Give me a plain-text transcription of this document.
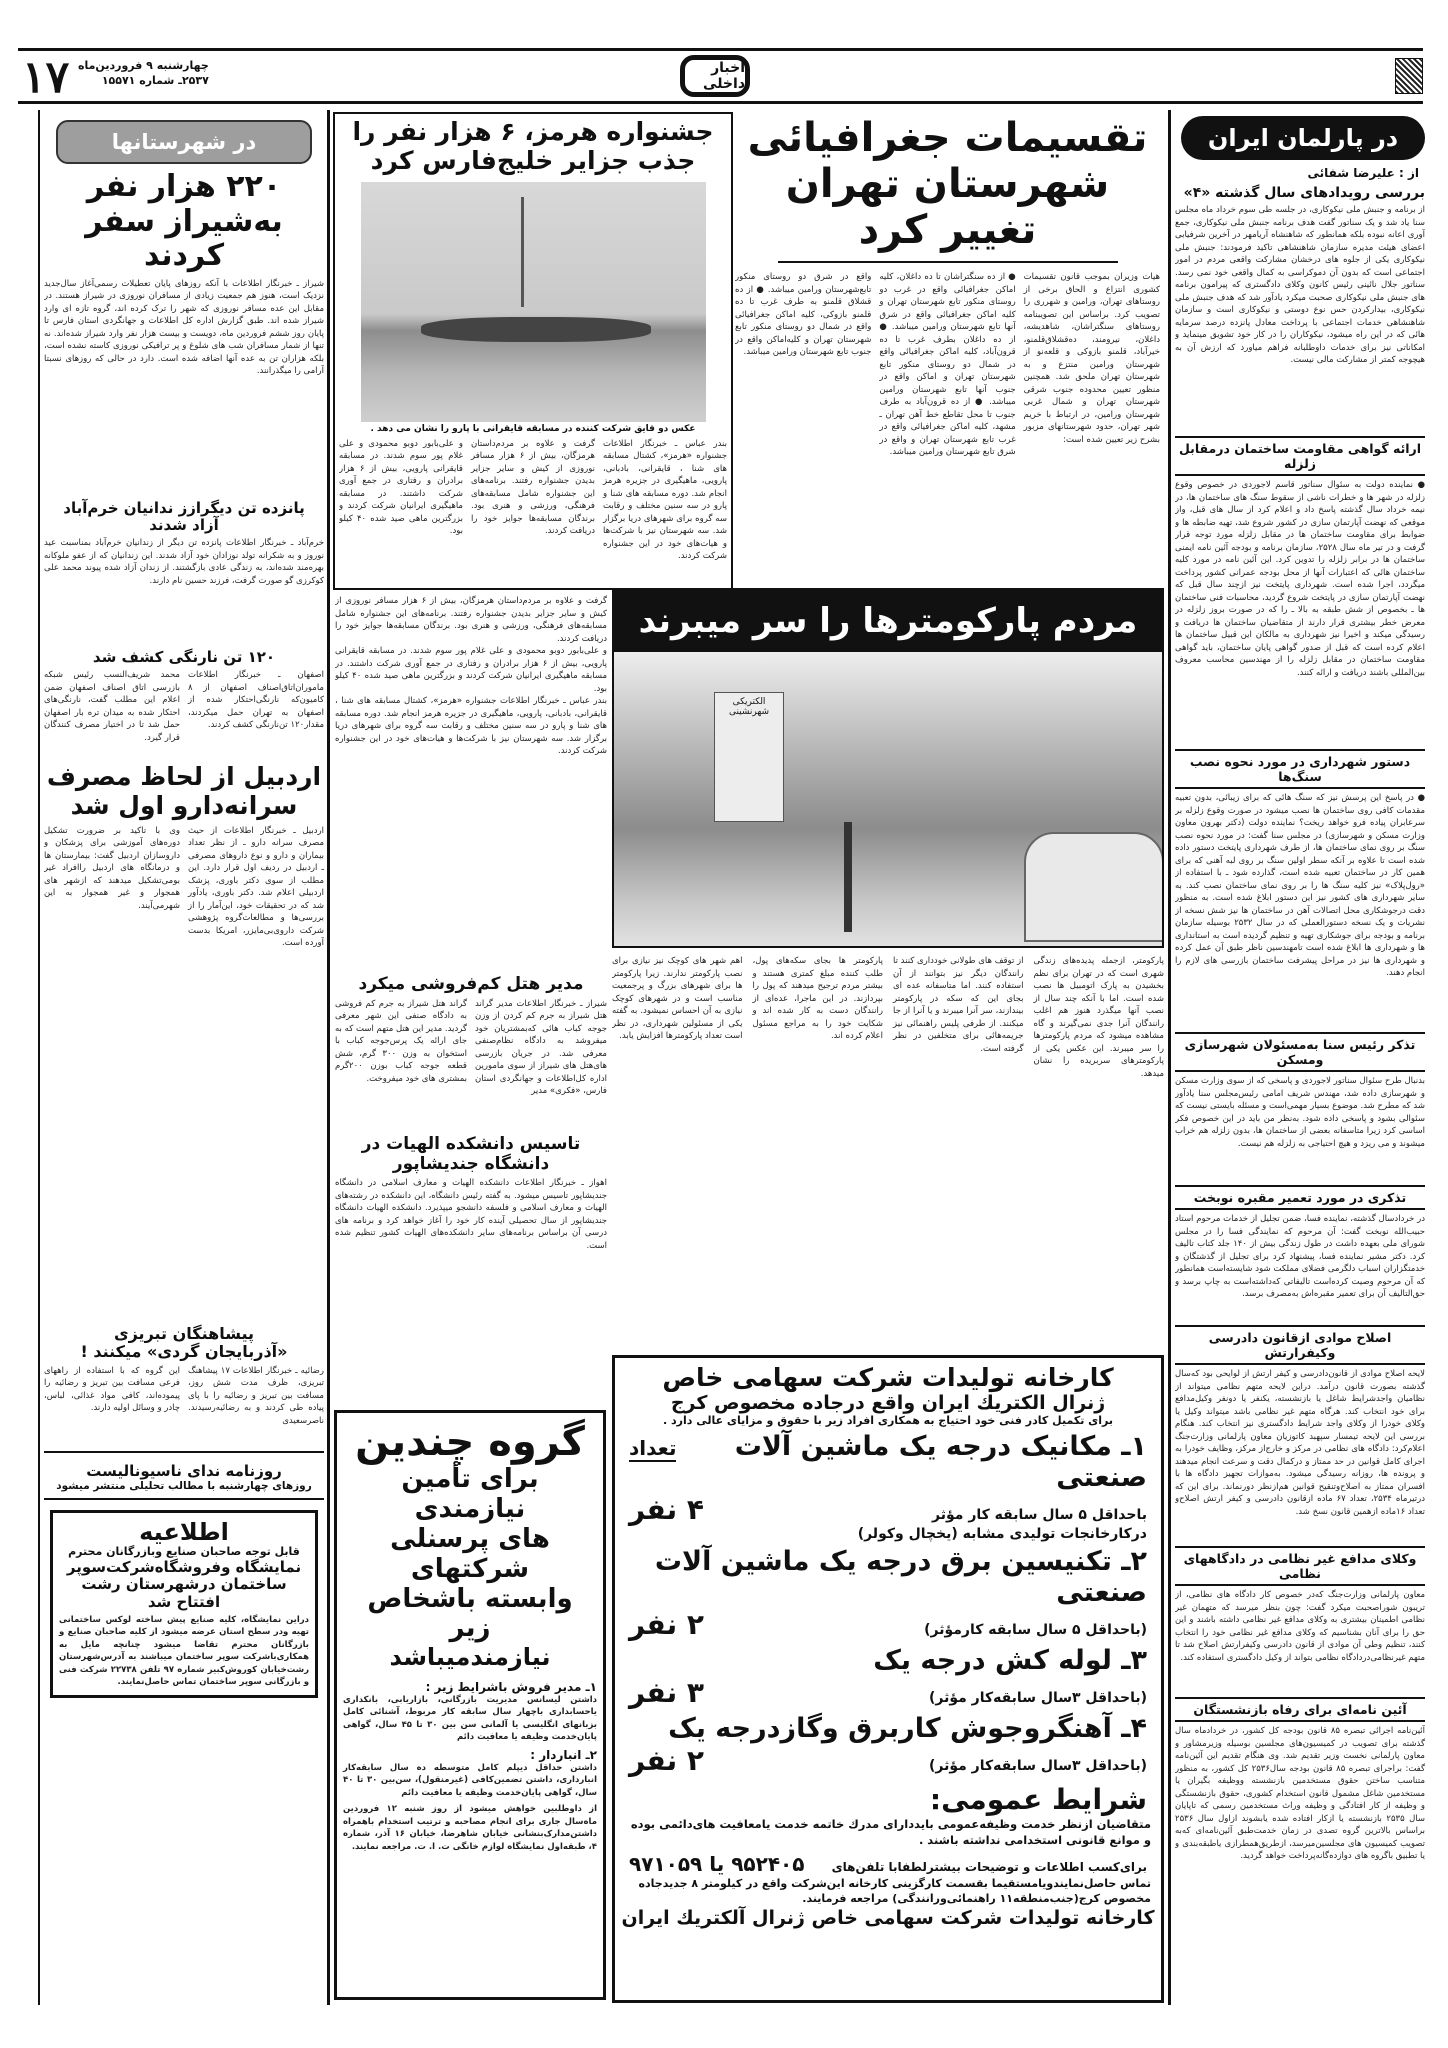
۱۷ چهارشنبه ۹ فروردین‌ماه
۲۵۳۷ـ شماره ۱۵۵۷۱
اخبار داخلی
در پارلمان ایران
از : علیرضا شفائی
بررسی رویدادهای سال گذشته «۴»
از برنامه و جنبش ملی نیکوکاری، در جلسه طی سوم خرداد ماه مجلس سنا یاد شد و یک سناتور گفت هدف برنامه جنبش ملی نیکوکاری، جمع آوری اعانه نبوده بلکه همانطور که شاهنشاه آریامهر در آخرین شرفیابی اعضای هیئت مدیره سازمان شاهنشاهی تاکید فرمودند: جنبش ملی نیکوکاری یکی از جلوه های درخشان مشارکت واقعی مردم در امور اجتماعی است که بدون آن دموکراسی به کمال واقعی خود نمی رسد. سناتور جلال نائینی رئیس کانون وکلای دادگستری که پیرامون برنامه های جنبش ملی نیکوکاری صحبت میکرد یادآور شد که هدف جنبش ملی نیکوکاری، بیدارکردن حس نوع دوستی و نیکوکاری است و سازمان شاهنشاهی خدمات اجتماعی با پرداخت معادل پانزده درصد سرمایه هائی که در این راه میشود، نیکوکاران را در کار خود تشویق مینماید و امکاناتی نیز برای خدمات داوطلبانه فراهم میاورد که ارزش آن به هیچوجه کمتر از مشارکت مالی نیست.
ارائه گواهی مقاومت ساختمان درمقابل زلزله
● نماینده دولت به سئوال سناتور قاسم لاجوردی در خصوص وقوع زلزله در شهر ها و خطرات ناشی از سقوط سنگ های ساختمان ها، در نیمه خرداد سال گذشته پاسخ داد و اعلام کرد از سال های قبل، واز موقعی که نهضت آپارتمان سازی در کشور شروع شد، تهیه ضابطه ها و ضوابط برای مقاومت ساختمان ها در مقابل زلزله مورد توجه قرار گرفت و در تیر ماه سال ۲۵۲۸، سازمان برنامه و بودجه آئین نامه ایمنی ساختمان ها در برابر زلزله را تدوین کرد. این آئین نامه در مورد کلیه ساختمان هائی که اعتبارات آنها از محل بودجه عمرانی کشور پرداخت میگردد، اجرا شده است. شهرداری پایتخت نیز ازچند سال قبل که نهضت آپارتمان سازی در پایتخت شروع گردید، محاسبات فنی ساختمان ها ـ بخصوص از شش طبقه به بالا ـ را که در صورت بروز زلزله در معرض خطر بیشتری قرار دارند از متقاضیان ساختمان ها دریافت و رسیدگی میکند و اخیرا نیز شهرداری به مالکان این قبیل ساختمان ها اعلام کرده است که قبل از صدور گواهی پایان ساختمان، باید گواهی مقاومت ساختمان در مقابل زلزله را از مهندسین محاسب معروف بین‌المللی باشند دریافت و ارائه کنند.
دستور شهرداری در مورد نحوه نصب سنگ‌ها
● در پاسخ این پرسش نیز که سنگ هائی که برای زیبائی، بدون تعبیه مقدمات کافی روی ساختمان ها نصب میشود در صورت وقوع زلزله بر سرعابران پیاده فرو خواهد ریخت؟ نماینده دولت (دکتر بهرون معاون وزارت مسکن و شهرسازی) در مجلس سنا گفت: در مورد نحوه نصب سنگ بر روی نمای ساختمان ها، از طرف شهرداری پایتخت دستور داده شده است تا علاوه بر آنکه سطر اولین سنگ بر روی لبه آهنی که برای همین کار در ساختمان تعبیه شده است، گذارده شود ـ با استفاده از «رول‌پلاک» نیز کلیه سنگ ها را بر روی نمای ساختمان نصب کند. به سایر شهرداری های کشور نیز این دستور ابلاغ شده است. به منظور دقت درجوشکاری محل اتصالات آهن در ساختمان ها نیز شش نسخه از نشریات و یک نسخه دستورالعملی که در سال ۲۵۳۲ بوسیله سازمان برنامه و بودجه برای جوشکاری تهیه و تنظیم گردیده است به استانداری ها و شهرداری ها ابلاغ شده است تامهندسین ناظر طبق آن عمل کرده و شهرداری ها نیز در مراحل پیشرفت ساختمان بازرسی های لازم را انجام دهند.
تذکر رئیس سنا به‌مسئولان شهرسازی ومسکن
بدنبال طرح سئوال سناتور لاجوردی و پاسخی که از سوی وزارت مسکن و شهرسازی داده شد، مهندس شریف امامی رئیس‌مجلس سنا یادآور شد که مطرح شد. موضوع بسیار مهمی‌است و مسئله بایستی نیست که سئوالی بشود و پاسخی داده شود. به‌نظر من باید در این خصوص فکر اساسی کرد زیرا متاسفانه بعضی از ساختمان ها، بدون زلزله هم خراب میشوند و می ریزد و هیچ احتیاجی به زلزله هم نیست.
تذکری در مورد تعمیر مقبره نوبخت
در خردادسال گذشته، نماینده فسا، ضمن تجلیل از خدمات مرحوم استاد حبیب‌الله نوبخت گفت: آن مرحوم که نمایندگی فسا را در مجلس شورای ملی بعهده داشت در طول زندگی بیش از ۱۴۰ جلد کتاب تالیف کرد. دکتر مشیر نماینده فسا، پیشنهاد کرد برای تجلیل از گذشتگان و خدمتگزاران اسباب دلگرمی فضلای مملکت شود شایسته‌است همانطور که آن مرحوم وصیت کرده‌است تالیفاتی که‌داشته‌است به چاپ برسد و حق‌التالیف آن برای تعمیر مقبره‌اش به‌مصرف برسد.
اصلاح موادی ازقانون دادرسی وکیفرارتش
لایحه اصلاح موادی از قانون‌دادرسی و کیفر ارتش از لوایحی بود که‌سال گذشته بصورت قانون درآمد. دراین لایحه متهم نظامی میتواند از نظامیان واجدشرایط شاغل یا بازنشسته، یکنفر یا دونفر وکیل‌مدافع برای خود انتخاب کند. هرگاه متهم غیر نظامی باشد میتواند وکیل یا وکلای خودرا از وکلای واجد شرایط دادگستری نیز انتخاب کند. هنگام بررسی این لایحه تیمسار سپهبد کاتوزیان معاون پارلمانی وزارت‌جنگ اعلام‌کرد: دادگاه های نظامی در مرکز و خارج‌از مرکز، وظایف خودرا به اجرای کامل قوانین در حد ممتاز و درکمال دقت و سرعت انجام میدهند و پرونده ها، روزانه رسیدگی میشود. به‌موازات تجهیز دادگاه ها با افسران ممتاز به اصلاح‌وتنقیح قوانین هم‌ازنظر دورنماند. برای این که درتیرماه ۲۵۳۴، تعداد ۶۷ ماده ازقانون دادرسی و کیفر ارتش اصلاح‌و تعداد ۱۶ماده ازهمین قانون نسخ شد.
وکلای مدافع غیر نظامی در دادگاههای نظامی
معاون پارلمانی وزارت‌جنگ که‌در خصوص کار دادگاه های نظامی، از تریبون شوراصحبت میکرد گفت: چون بنظر میرسد که متهمان غیر نظامی اطمینان بیشتری به وکلای مدافع غیر نظامی داشته باشند و این حق را برای آنان بشناسیم که وکلای مدافع غیر نظامی خود را انتخاب کنند، تنظیم وطی آن موادی از قانون دادرسی وکیفرارتش اصلاح شد تا متهم غیرنظامی‌دردادگاه نظامی بتواند از وکیل دادگستری استفاده کند.
آئین نامه‌ای برای رفاه بازنشستگان
آئین‌نامه اجرائی تبصره ۸۵ قانون بودجه کل کشور، در خردادماه سال گذشته برای تصویب در کمیسیون‌های مجلسین بوسیله وزیرمشاور و معاون پارلمانی نخست وزیر تقدیم شد. وی هنگام تقدیم این آئین‌نامه گفت: براجرای تبصره ۸۵ قانون بودجه سال۲۵۳۶ کل کشور، به منظور متناسب ساختن حقوق مستخدمین بازنشسته ووظیفه بگیران یا مستخدمین شاغل مشمول قانون استخدام کشوری، حقوق بازنشستگی و وظیفه از کار افتادگی و وظیفه وراث مستخدمین رسمی که تاپایان سال ۲۵۳۵ بازنشسته یا ازکار افتاده شده یابشوند ازاول سال ۲۵۳۶ براساس بالاترین گروه تصدی در زمان خدمت‌طبق آئین‌نامه‌ای که‌به تصویب کمیسیون های مجلسین‌میرسد، ازطریق‌همطرازی یاطبقه‌بندی و یا تطبیق باگروه های دوازده‌گانه‌پرداخت خواهد گردید.
تقسیمات جغرافیائی
شهرستان تهران تغییر کرد
هیات وزیران بموجب قانون تقسیمات کشوری انتزاع و الحاق برخی از روستاهای تهران، ورامین و شهرری را تصویب کرد. براساس این تصویبنامه روستاهای سنگتراشان، شاهدیشه، داغلان، نیرومند، ده‌قشلاق‌قلمنو، خیرآباد، قلمنو بازوکی و قلعه‌نو از شهرستان ورامین منتزع و به شهرستان تهران ملحق شد. همچنین منظور تعیین محدوده جنوب شرقی شهرستان تهران و شمال غربی شهرستان ورامین، در ارتباط با خریم شهر تهران، حدود شهرستانهای مزبور بشرح زیر تعیین شده است:
● از ده سنگتراشان تا ده داغلان، کلیه اماکن جغرافیائی واقع در غرب دو روستای منکور تابع شهرستان تهران و کلیه اماکن جغرافیائی واقع در شرق آنها تابع شهرستان ورامین میباشد. ● از ده داغلان بطرف غرب تا ده قرون‌آباد، کلیه اماکن جغرافیائی واقع در شمال دو روستای منکور تابع شهرستان تهران و اماکن واقع در جنوب آنها تابع شهرستان ورامین میباشد. ● از ده قرون‌آباد به طرف جنوب تا محل تقاطع خط آهن تهران ـ مشهد، کلیه اماکن جغرافیائی واقع در غرب تابع شهرستان تهران و واقع در شرق تابع شهرستان ورامین میباشد.
واقع در شرق دو روستای منکور تابع‌شهرستان ورامین میباشد. ● از ده قشلاق قلمنو به طرف غرب تا ده قلمنو بازوکی، کلیه اماکن جغرافیائی واقع در شمال دو روستای منکور تابع شهرستان تهران و کلیه‌اماکن واقع در جنوب تابع شهرستان ورامین میباشد.
جشنواره هرمز، ۶ هزار نفر را
جذب جزایر خلیج‌فارس کرد
عکس دو قایق شرکت کننده در مسابقه قایقرانی با پارو را نشان می دهد .
بندر عباس ـ خبرنگار اطلاعات جشنواره «هرمز»، کشتال مسابقه های شنا ، قایقرانی، بادبانی، پارویی، ماهیگیری در جزیره هرمز انجام شد. دوره مسابقه های شنا و پارو در سه سنین مختلف و رقابت سه گروه برای شهرهای دریا برگزار شد. سه شهرستان نیز با شرکت‌ها و هیات‌های خود در این جشنواره شرکت کردند.
گرفت و علاوه بر مردم‌داستان هرمزگان، بیش از ۶ هزار مسافر نوروزی از کیش و سایر جزایر بدیدن جشنواره رفتند. برنامه‌های این جشنواره شامل مسابقه‌های فرهنگی، ورزشی و هنری بود. برندگان مسابقه‌ها جوایز خود را دریافت کردند.
و علی‌بابور دوبو محمودی و علی غلام پور سوم شدند. در مسابقه قایقرانی پارویی، بیش از ۶ هزار برادران و رفتاری در جمع آوری شرکت داشتند. در مسابقه ماهیگیری ایرانیان شرکت کردند و بزرگترین ماهی صید شده ۴۰ کیلو بود.
مردم پارکومترها را سر میبرند
الکتریکی
شهرنشینی
پارکومتر، ازجمله پدیده‌های زندگی شهری است که در تهران برای نظم بخشیدن به پارک اتومبیل ها نصب شده است. اما با آنکه چند سال از نصب آنها میگذرد هنوز هم اغلب رانندگان آنرا جدی نمی‌گیرند و گاه مشاهده میشود که مردم پارکومترها را سر میبرند. این عکس یکی از پارکومترهای سربریده را نشان میدهد.
از توقف های طولانی خودداری کنند تا رانندگان دیگر نیز بتوانند از آن استفاده کنند. اما متاسفانه عده ای بجای این که سکه در پارکومتر بیندازند، سر آنرا میبرند و یا آنرا از جا میکنند. از طرفی پلیس راهنمائی نیز جریمه‌هائی برای متخلفین در نظر گرفته است.
پارکومتر ها بجای سکه‌های پول، طلب کننده مبلغ کمتری هستند و بیشتر مردم ترجیح میدهند که پول را بپردازند. در این ماجرا، عده‌ای از رانندگان دست به کار شده اند و شکایت خود را به مراجع مسئول اعلام کرده اند.
اهم شهر های کوچک نیز نیازی برای نصب پارکومتر ندارند. زیرا پارکومتر ها برای شهرهای بزرگ و پرجمعیت مناسب است و در شهرهای کوچک نیازی به آن احساس نمیشود. به گفته یکی از مسئولین شهرداری، در نظر است تعداد پارکومترها افزایش یابد.
گرفت و علاوه بر مردم‌داستان هرمزگان، بیش از ۶ هزار مسافر نوروزی از کیش و سایر جزایر بدیدن جشنواره رفتند. برنامه‌های این جشنواره شامل مسابقه‌های فرهنگی، ورزشی و هنری بود. برندگان مسابقه‌ها جوایز خود را دریافت کردند.
و علی‌بابور دوبو محمودی و علی غلام پور سوم شدند. در مسابقه قایقرانی پارویی، بیش از ۶ هزار برادران و رفتاری در جمع آوری شرکت داشتند. در مسابقه ماهیگیری ایرانیان شرکت کردند و بزرگترین ماهی صید شده ۴۰ کیلو بود.
بندر عباس ـ خبرنگار اطلاعات جشنواره «هرمز»، کشتال مسابقه های شنا ، قایقرانی، بادبانی، پارویی، ماهیگیری در جزیره هرمز انجام شد. دوره مسابقه های شنا و پارو در سه سنین مختلف و رقابت سه گروه برای شهرهای دریا برگزار شد. سه شهرستان نیز با شرکت‌ها و هیات‌های خود در این جشنواره شرکت کردند.
مدیر هتل کم‌فروشی میکرد
شیراز ـ خبرنگار اطلاعات مدیر گراند هتل شیراز به جرم کم کردن از وزن جوجه کباب هائی که‌بمشتریان خود میفروشد به دادگاه نظام‌صنفی معرفی شد. در جریان بازرسی های‌هتل های شیراز از سوی مامورین اداره کل‌اطلاعات و جهانگردی استان فارس، «فکری» مدیر
گراند هتل شیراز به جرم کم فروشی به دادگاه صنفی این شهر معرفی گردید. مدیر این هتل متهم است که به جای ارائه یک پرس‌جوجه کباب با استخوان به وزن ۳۰۰ گرم، شش قطعه جوجه کباب بوزن ۲۰۰گرم بمشتری های خود میفروخت.
تاسیس دانشکده الهیات در
دانشگاه جندیشاپور
اهواز ـ خبرنگار اطلاعات دانشکده الهیات و معارف اسلامی در دانشگاه جندیشاپور تاسیس میشود. به گفته رئیس دانشگاه، این دانشکده در رشته‌های الهیات و معارف اسلامی و فلسفه دانشجو میپذیرد. دانشکده الهیات دانشگاه جندیشاپور از سال تحصیلی آینده کار خود را آغاز خواهد کرد و برنامه های درسی آن براساس برنامه‌های سایر دانشکده‌های الهیات کشور تنظیم شده است.
گروه چندین
برای تأمین نیازمندی
های پرسنلی شرکتهای
وابسته باشخاص زیر
نیازمندمیباشد
۱ـ مدیر فروش باشرایط زیر :
داشتن لیسانس مدیریت بازرگانی، بازاریابی، بانکداری یاحسابداری باچهار سال سابقه کار مربوط، آشنائی کامل بزبانهای انگلیسی یا آلمانی سن بین ۳۰ تا ۴۵ سال، گواهی پایان‌خدمت وظیفه یا معافیت دائم
۲ـ انباردار :
داشتن حداقل دیپلم کامل متوسطه ده سال سابقه‌کار انبارداری، داشتن تضمین‌کافی (غیرمنقول)، سن‌بین ۳۰ تا ۴۰ سال، گواهی پایان‌خدمت وظیفه یا معافیت دائم
از داوطلبین خواهش میشود از روز شنبه ۱۲ فروردین ماه‌سال جاری برای انجام مصاحبه و ترتیب استخدام باهمراه داشتن‌مدارک‌بنشانی خیابان شاهرضا، خیابان ۱۶ آذر، شماره ۴، طبقه‌اول نمایشگاه لوازم خانگی ت. ا. ت. مراجعه نمایند.
کارخانه تولیدات شرکت سهامی خاص
ژنرال الکتریك ایران واقع درجاده مخصوص کرج
برای تکمیل کادر فنی خود احتیاج به همکاری افراد زیر با حقوق و مزایای عالی دارد .
۱ـ مکانیک درجه یک ماشین آلات صنعتی
تعداد
باحداقل ۵ سال سابقه کار مؤثر
۴ نفر
درکارخانجات تولیدی مشابه (یخچال وکولر)
۲ـ تکنیسین برق درجه یک ماشین آلات صنعتی
(باحداقل ۵ سال سابقه کارمؤثر)
۲ نفر
۳ـ لوله کش درجه یک
(باحداقل ۳سال سابقه‌کار مؤثر)
۳ نفر
۴ـ آهنگروجوش کاربرق وگازدرجه یک
(باحداقل ۳سال سابقه‌کار مؤثر)
۲ نفر
شرایط عمومی:
متقاضیان ازنظر خدمت وظیفه‌عمومی بایددارای مدرك خاتمه خدمت یامعافیت های‌دائمی بوده و موانع قانونی استخدامی نداشته باشند .
برای‌کسب اطلاعات و توضیحات بیشترلطفابا تلفن‌های
۹۵۲۴۰۵ یا ۹۷۱۰۵۹
تماس حاصل‌نمایندویامستقیما بقسمت کارگزینی کارخانه این‌شرکت واقع در کیلومتر ۸ جدیدجاده مخصوص کرج(جنب‌منطقه۱۱ راهنمائی‌ورانندگی) مراجعه فرمایند.
کارخانه تولیدات شرکت سهامی خاص ژنرال آلکتریك ایران
در شهرستانها
۲۲۰ هزار نفر
به‌شیراز سفر کردند
شیراز ـ خبرنگار اطلاعات با آنکه روزهای پایان تعطیلات رسمی‌آغاز سال‌جدید نزدیک است، هنوز هم جمعیت زیادی از مسافران نوروزی در شیراز هستند. در مقابل این عده مسافر نوروزی که شهر را ترک کرده اند، گروه تازه ای وارد شیراز شده اند. طبق گزارش اداره کل اطلاعات و جهانگردی استان فارس تا پایان روز ششم فروردین ماه، دویست و بیست هزار نفر وارد شیراز شده‌اند. نه تنها از شمار مسافران شب های شلوغ و پر ترافیکی نوروزی کاسته نشده است، بلکه هزاران تن به عده آنها اضافه شده است. دارد در حالی که روزهای نسبتا آرامی را میگذرانند.
پانزده تن دیگرازز ندانیان خرم‌آباد
آزاد شدند
خرم‌آباد ـ خبرنگار اطلاعات پانزده تن دیگر از زندانیان خرم‌آباد بمناسبت عید نوروز و به شکرانه تولد نوزادان خود آزاد شدند. این زندانیان که از عفو ملوکانه بهره‌مند شده‌اند، به زندگی عادی بازگشتند. از زندان آزاد شده پیوند محمد علی کوکرزی گو صورت گرفت، فرزند حسین نام دارند.
۱۲۰ تن نارنگی کشف شد
اصفهان ـ خبرنگار اطلاعات ماموران‌اتاق‌اصناف اصفهان از ۸ کامیون‌که نارنگی‌احتکار شده از اصفهان به تهران حمل میکردند، مقدار۱۲۰ تن‌نارنگی کشف کردند.
محمد شریف‌النسب رئیس شبکه بازرسی اتاق اصناف اصفهان ضمن اعلام این مطلب گفت، نارنگی‌های احتکار شده به میدان تره بار اصفهان حمل شد تا در اختیار مصرف کنندگان قرار گیرد.
اردبیل از لحاظ مصرف
سرانه‌دارو اول شد
اردبیل ـ خبرنگار اطلاعات از حیث مصرف سرانه دارو ـ از نظر تعداد بیماران و دارو و نوع داروهای مصرفی ـ اردبیل در ردیف اول قرار دارد. این مطلب از سوی دکتر باوری، پزشک اردبیلی اعلام شد. دکتر باوری، یادآور شد که در تحقیقات خود، این‌آمار را از بررسی‌ها و مطالعات‌گروه پژوهشی شرکت داروی‌بی‌مایزر، امریکا بدست آورده است.
وی با تاکید بر ضرورت تشکیل دوره‌های آموزشی برای پزشکان و داروسازان اردبیل گفت: بیمارستان ها و درمانگاه های اردبیل راافراد غیر بومی‌تشکیل میدهند که ازشهر های همجوار و غیر همجوار به این شهرمی‌آیند.
پیشاهنگان تبریزی
«آذربایجان گردی» میکنند !
رضائیه ـ خبرنگار اطلاعات ۱۷ پیشاهنگ تبریزی، ظرف مدت شش روز، مسافت بین تبریز و رضائیه را با پای پیاده طی کردند و به رضائیه‌رسیدند. ناصرسعیدی
این گروه که با استفاده از راههای فرعی مسافت بین تبریز و رضائیه را پیموده‌اند، کافی مواد غذائی، لباس، چادر و وسائل اولیه دارند.
روزنامه ندای ناسیونالیست
روزهای چهارشنبه با مطالب تحلیلی منتشر میشود
اطلاعیه
قابل توجه صاحبان صنایع وبازرگانان محترم
نمایشگاه وفروشگاه‌شرکت‌سوپر
ساختمان درشهرستان رشت
افتتاح شد
دراین نمایشگاه، کلیه صنایع پیش ساخته لوکس ساختمانی تهیه ودر سطح استان عرضه میشود از کلیه صاحبان صنایع و بازرگانان محترم تقاضا میشود چنانچه مایل به همکاری‌باشرکت سوپر ساختمان میباشند به آدرس‌شهرستان رشت‌خیابان کوروش‌کبیر شماره ۹۷ تلفن ۲۲۷۳۸ شرکت فنی و بازرگانی سوپر ساختمان تماس حاصل‌نمایند.
